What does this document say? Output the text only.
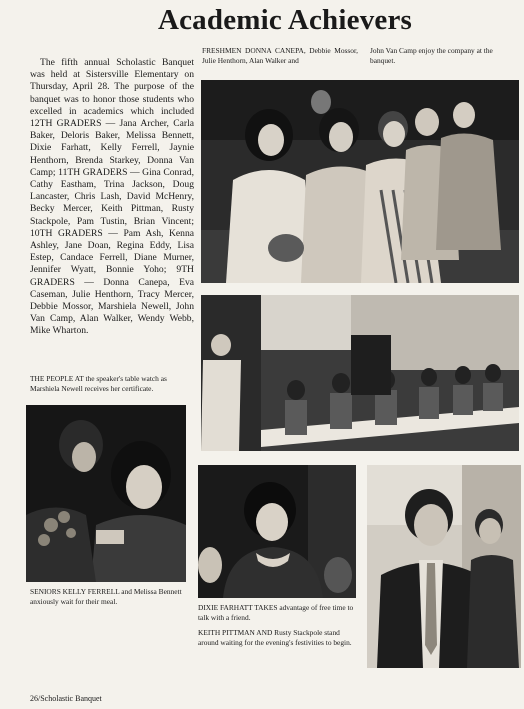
Academic Achievers
The fifth annual Scholastic Banquet was held at Sistersville Elementary on Thursday, April 28. The purpose of the banquet was to honor those students who excelled in academics which included 12TH GRADERS — Jana Archer, Carla Baker, Deloris Baker, Melissa Bennett, Dixie Farhatt, Kelly Ferrell, Jaynie Henthorn, Brenda Starkey, Donna Van Camp; 11TH GRADERS — Gina Conrad, Cathy Eastham, Trina Jackson, Doug Lancaster, Chris Lash, David McHenry, Becky Mercer, Keith Pittman, Rusty Stackpole, Pam Tustin, Brian Vincent; 10TH GRADERS — Pam Ash, Kenna Ashley, Jane Doan, Regina Eddy, Lisa Estep, Candace Ferrell, Diane Murner, Jennifer Wyatt, Bonnie Yoho; 9TH GRADERS — Donna Canepa, Eva Caseman, Julie Henthorn, Tracy Mercer, Debbie Mossor, Marshiela Newell, John Van Camp, Alan Walker, Wendy Webb, Mike Wharton.
FRESHMEN DONNA CANEPA, Debbie Mossor, Julie Henthorn, Alan Walker and
John Van Camp enjoy the company at the banquet.
THE PEOPLE AT the speaker's table watch as Marshiela Newell receives her certificate.
SENIORS KELLY FERRELL and Melissa Bennett anxiously wait for their meal.
DIXIE FARHATT TAKES advantage of free time to talk with a friend.
KEITH PITTMAN AND Rusty Stackpole stand around waiting for the evening's festivities to begin.
26/Scholastic Banquet
